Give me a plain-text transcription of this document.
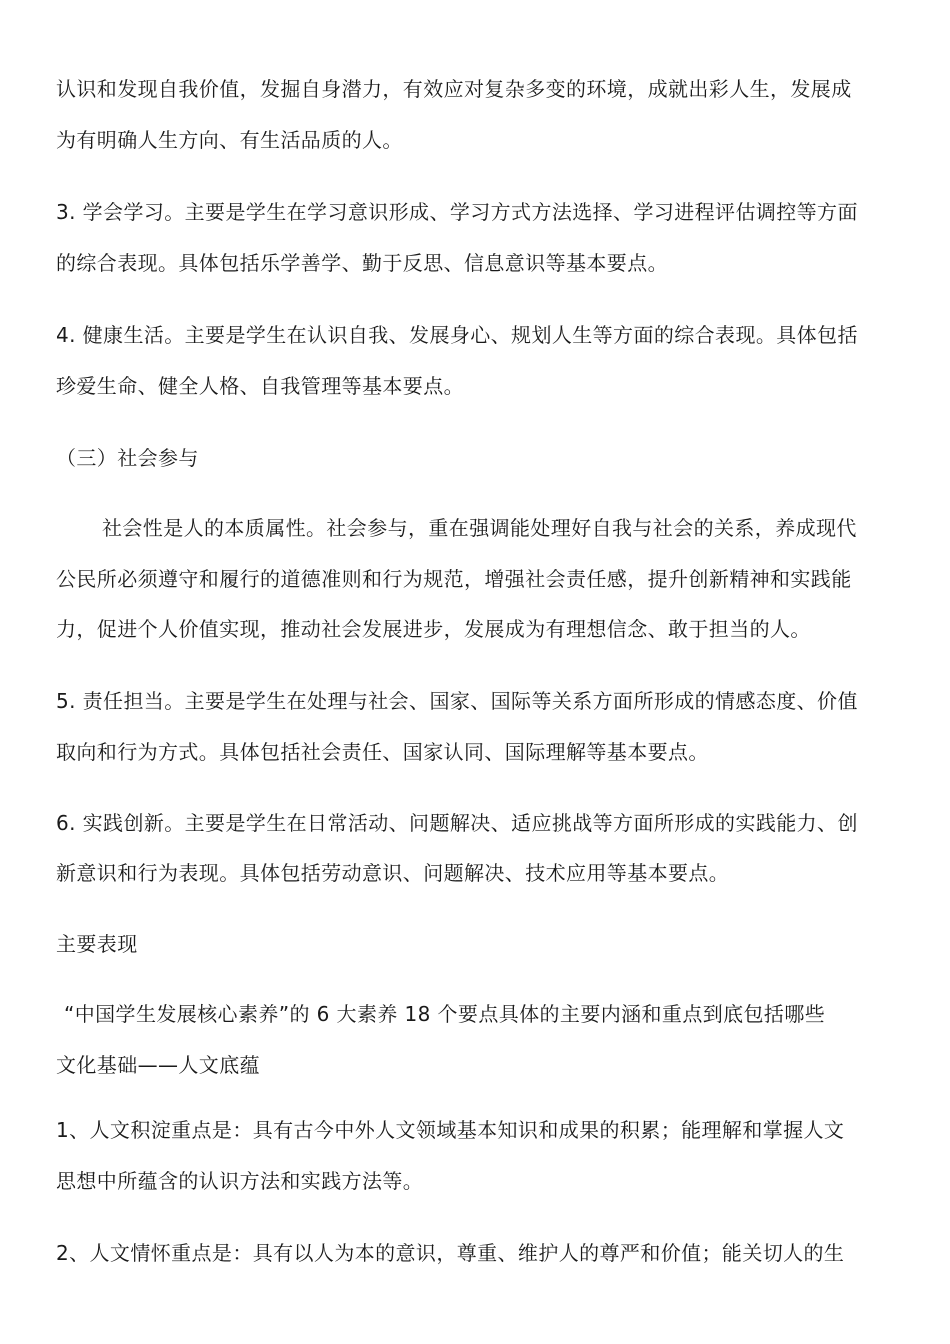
认识和发现自我价值，发掘自身潜力，有效应对复杂多变的环境，成就出彩人生，发展成
为有明确人生方向、有生活品质的人。
3. 学会学习。主要是学生在学习意识形成、学习方式方法选择、学习进程评估调控等方面
的综合表现。具体包括乐学善学、勤于反思、信息意识等基本要点。
4. 健康生活。主要是学生在认识自我、发展身心、规划人生等方面的综合表现。具体包括
珍爱生命、健全人格、自我管理等基本要点。
（三）社会参与
社会性是人的本质属性。社会参与，重在强调能处理好自我与社会的关系，养成现代
公民所必须遵守和履行的道德准则和行为规范，增强社会责任感，提升创新精神和实践能
力，促进个人价值实现，推动社会发展进步，发展成为有理想信念、敢于担当的人。
5. 责任担当。主要是学生在处理与社会、国家、国际等关系方面所形成的情感态度、价值
取向和行为方式。具体包括社会责任、国家认同、国际理解等基本要点。
6. 实践创新。主要是学生在日常活动、问题解决、适应挑战等方面所形成的实践能力、创
新意识和行为表现。具体包括劳动意识、问题解决、技术应用等基本要点。
主要表现
“中国学生发展核心素养”的 6 大素养 18 个要点具体的主要内涵和重点到底包括哪些
文化基础——人文底蕴
1、人文积淀重点是：具有古今中外人文领域基本知识和成果的积累；能理解和掌握人文
思想中所蕴含的认识方法和实践方法等。
2、人文情怀重点是：具有以人为本的意识，尊重、维护人的尊严和价值；能关切人的生
